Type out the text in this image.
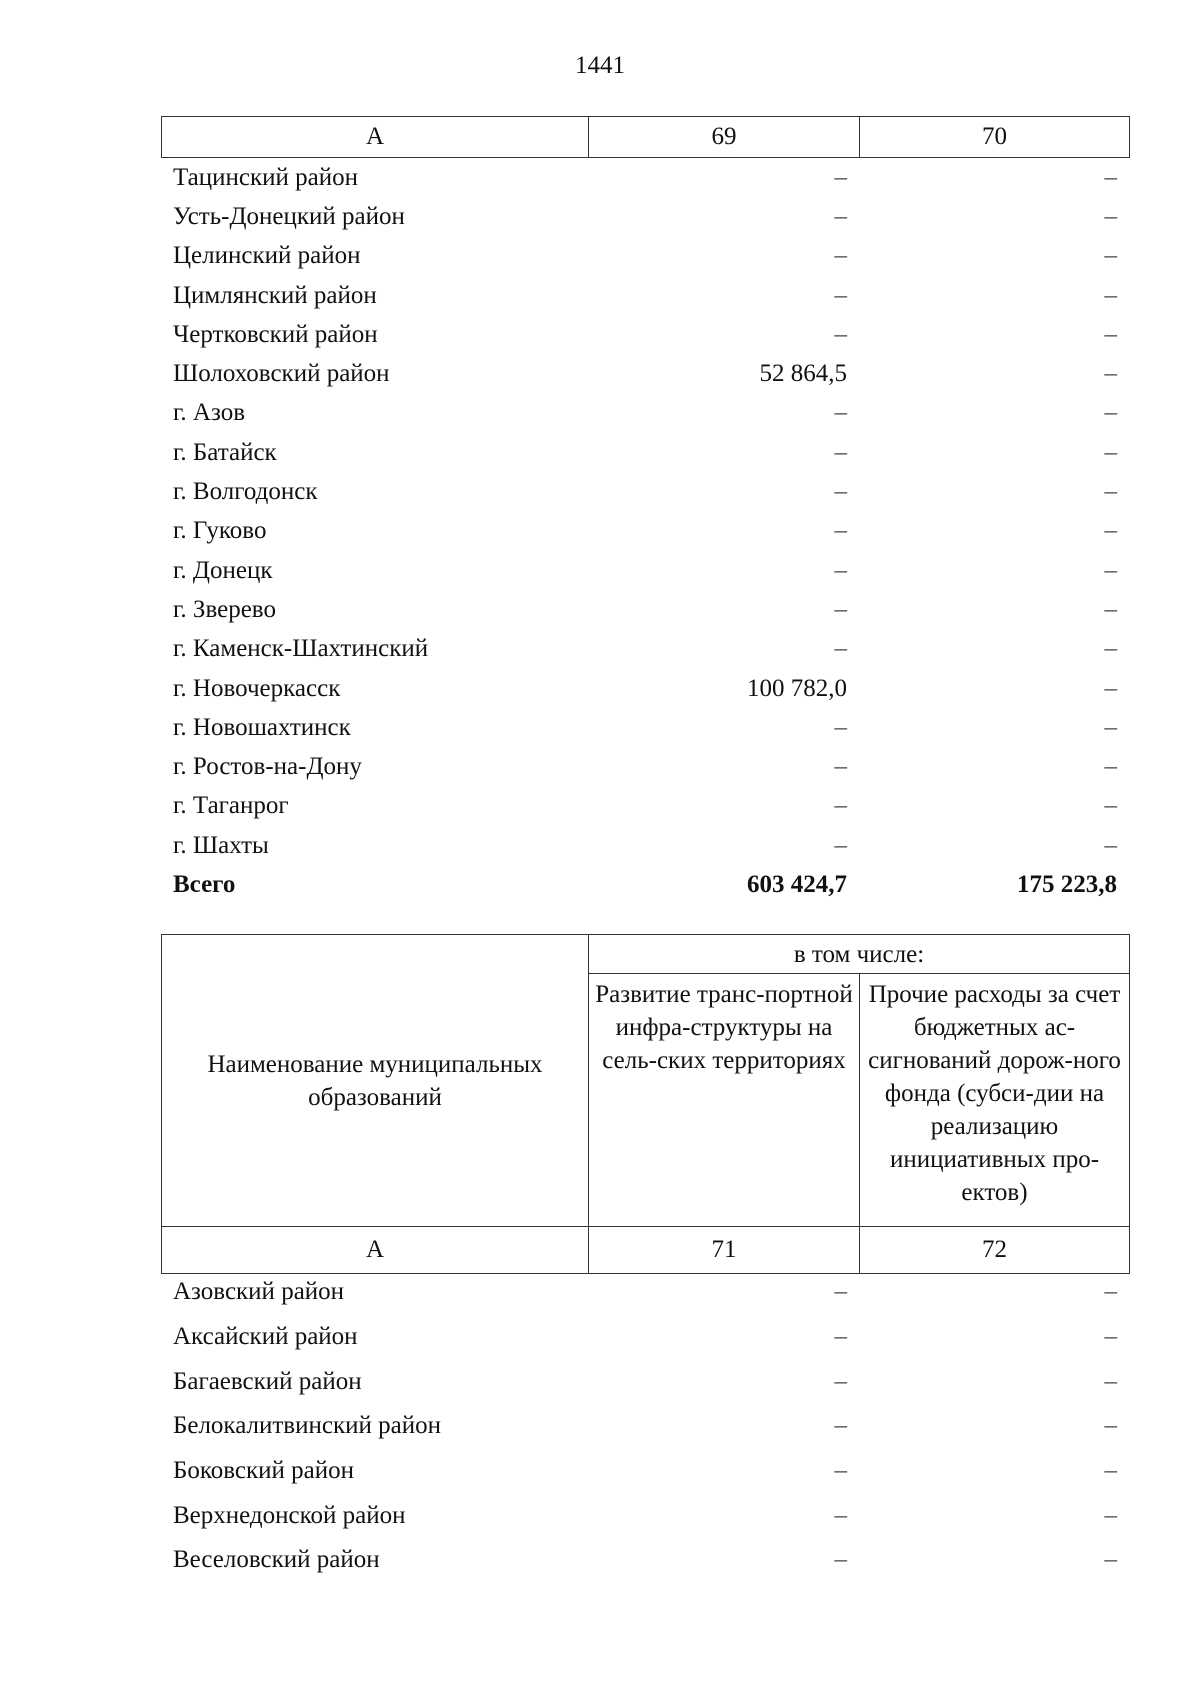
1441
А	69	70
Тацинский район	–	–
Усть-Донецкий район	–	–
Целинский район	–	–
Цимлянский район	–	–
Чертковский район	–	–
Шолоховский район	52 864,5	–
г. Азов	–	–
г. Батайск	–	–
г. Волгодонск	–	–
г. Гуково	–	–
г. Донецк	–	–
г. Зверево	–	–
г. Каменск-Шахтинский	–	–
г. Новочеркасск	100 782,0	–
г. Новошахтинск	–	–
г. Ростов-на-Дону	–	–
г. Таганрог	–	–
г. Шахты	–	–
Всего	603 424,7	175 223,8
Наименование муниципальных образований	в том числе:	
	Развитие транс-портной инфра-структуры на сель-ских территориях	Прочие расходы за счет бюджетных ас-сигнований дорож-ного фонда (субси-дии на реализацию инициативных про-ектов)
А	71	72
Азовский район	–	–
Аксайский район	–	–
Багаевский район	–	–
Белокалитвинский район	–	–
Боковский район	–	–
Верхнедонской район	–	–
Веселовский район	–	–
